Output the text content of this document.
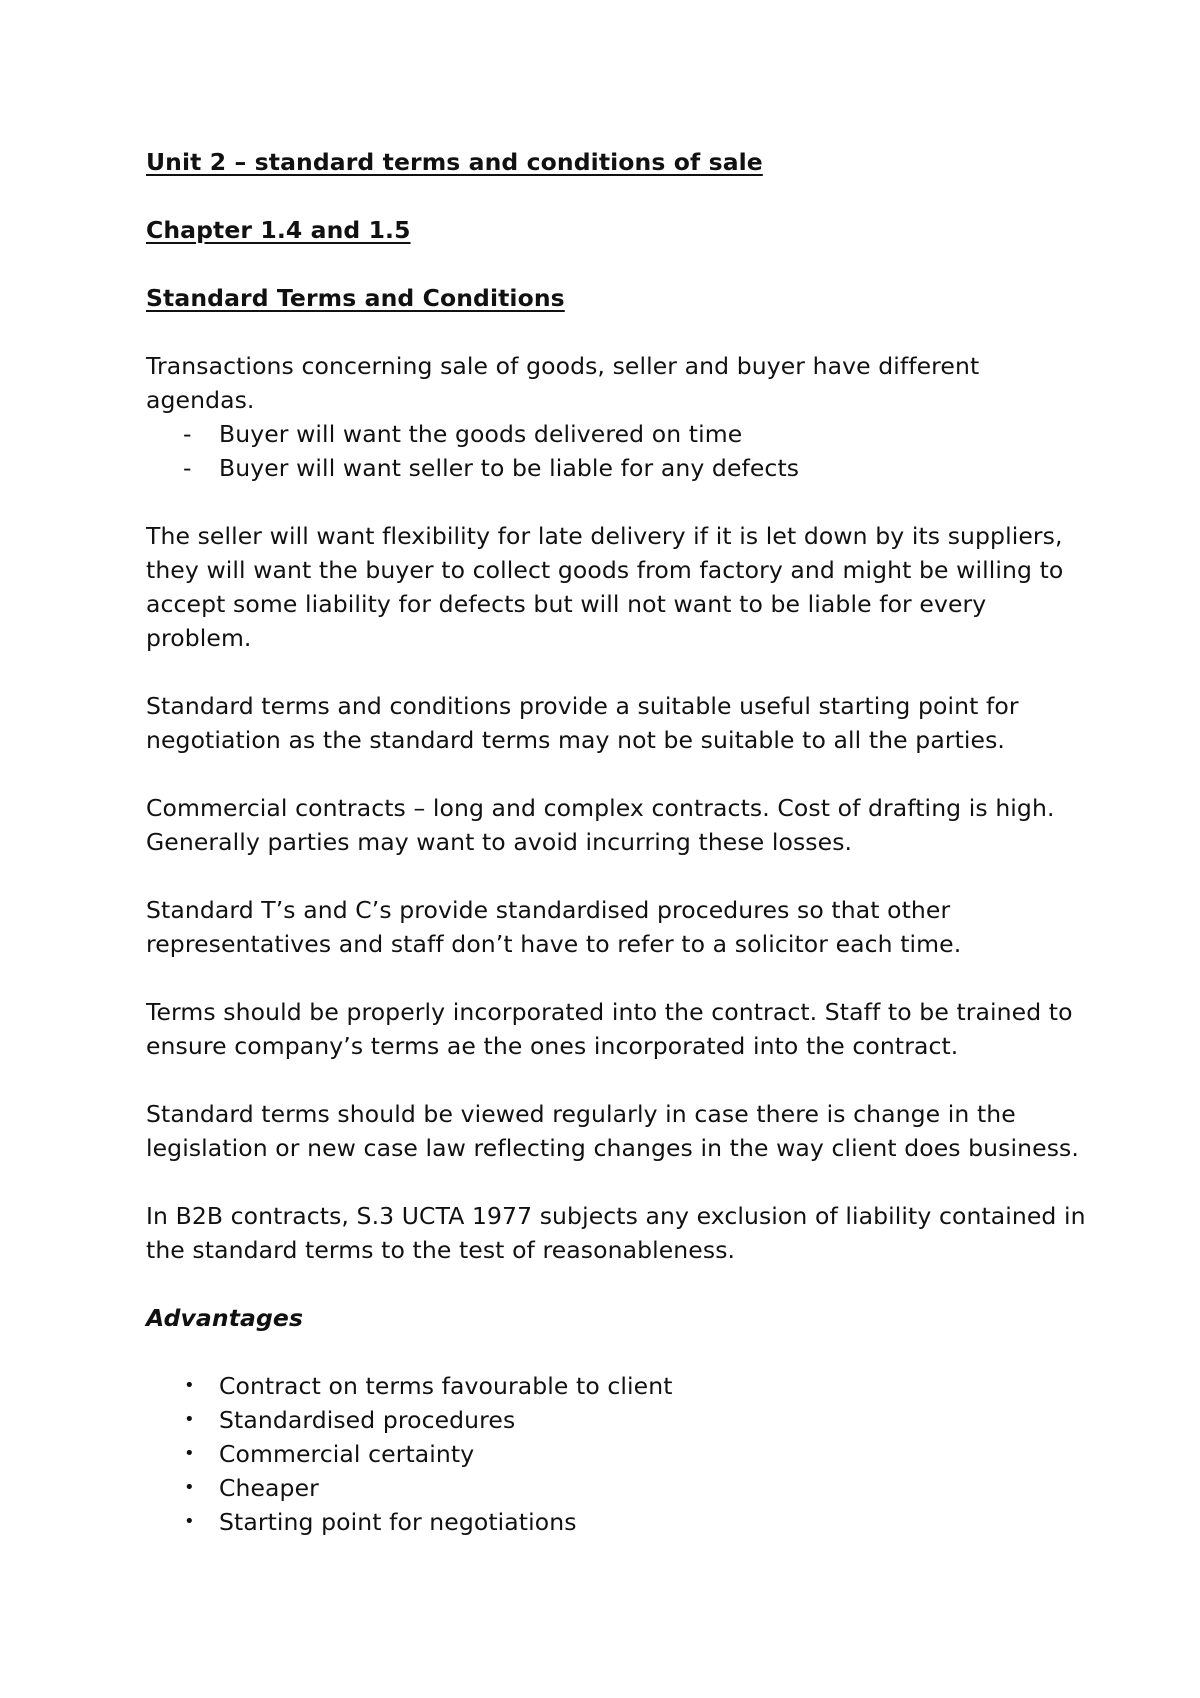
Unit 2 – standard terms and conditions of sale
Chapter 1.4 and 1.5
Standard Terms and Conditions

Transactions concerning sale of goods, seller and buyer have different agendas.

- Buyer will want the goods delivered on time
- Buyer will want seller to be liable for any defects

The seller will want flexibility for late delivery if it is let down by its suppliers, they will want the buyer to collect goods from factory and might be willing to accept some liability for defects but will not want to be liable for every problem.

Standard terms and conditions provide a suitable useful starting point for negotiation as the standard terms may not be suitable to all the parties.

Commercial contracts – long and complex contracts. Cost of drafting is high. Generally parties may want to avoid incurring these losses.

Standard T’s and C’s provide standardised procedures so that other representatives and staff don’t have to refer to a solicitor each time.

Terms should be properly incorporated into the contract. Staff to be trained to ensure company’s terms ae the ones incorporated into the contract.

Standard terms should be viewed regularly in case there is change in the legislation or new case law reflecting changes in the way client does business.

In B2B contracts, S.3 UCTA 1977 subjects any exclusion of liability contained in the standard terms to the test of reasonableness.

Advantages
• Contract on terms favourable to client
• Standardised procedures
• Commercial certainty
• Cheaper
• Starting point for negotiations
